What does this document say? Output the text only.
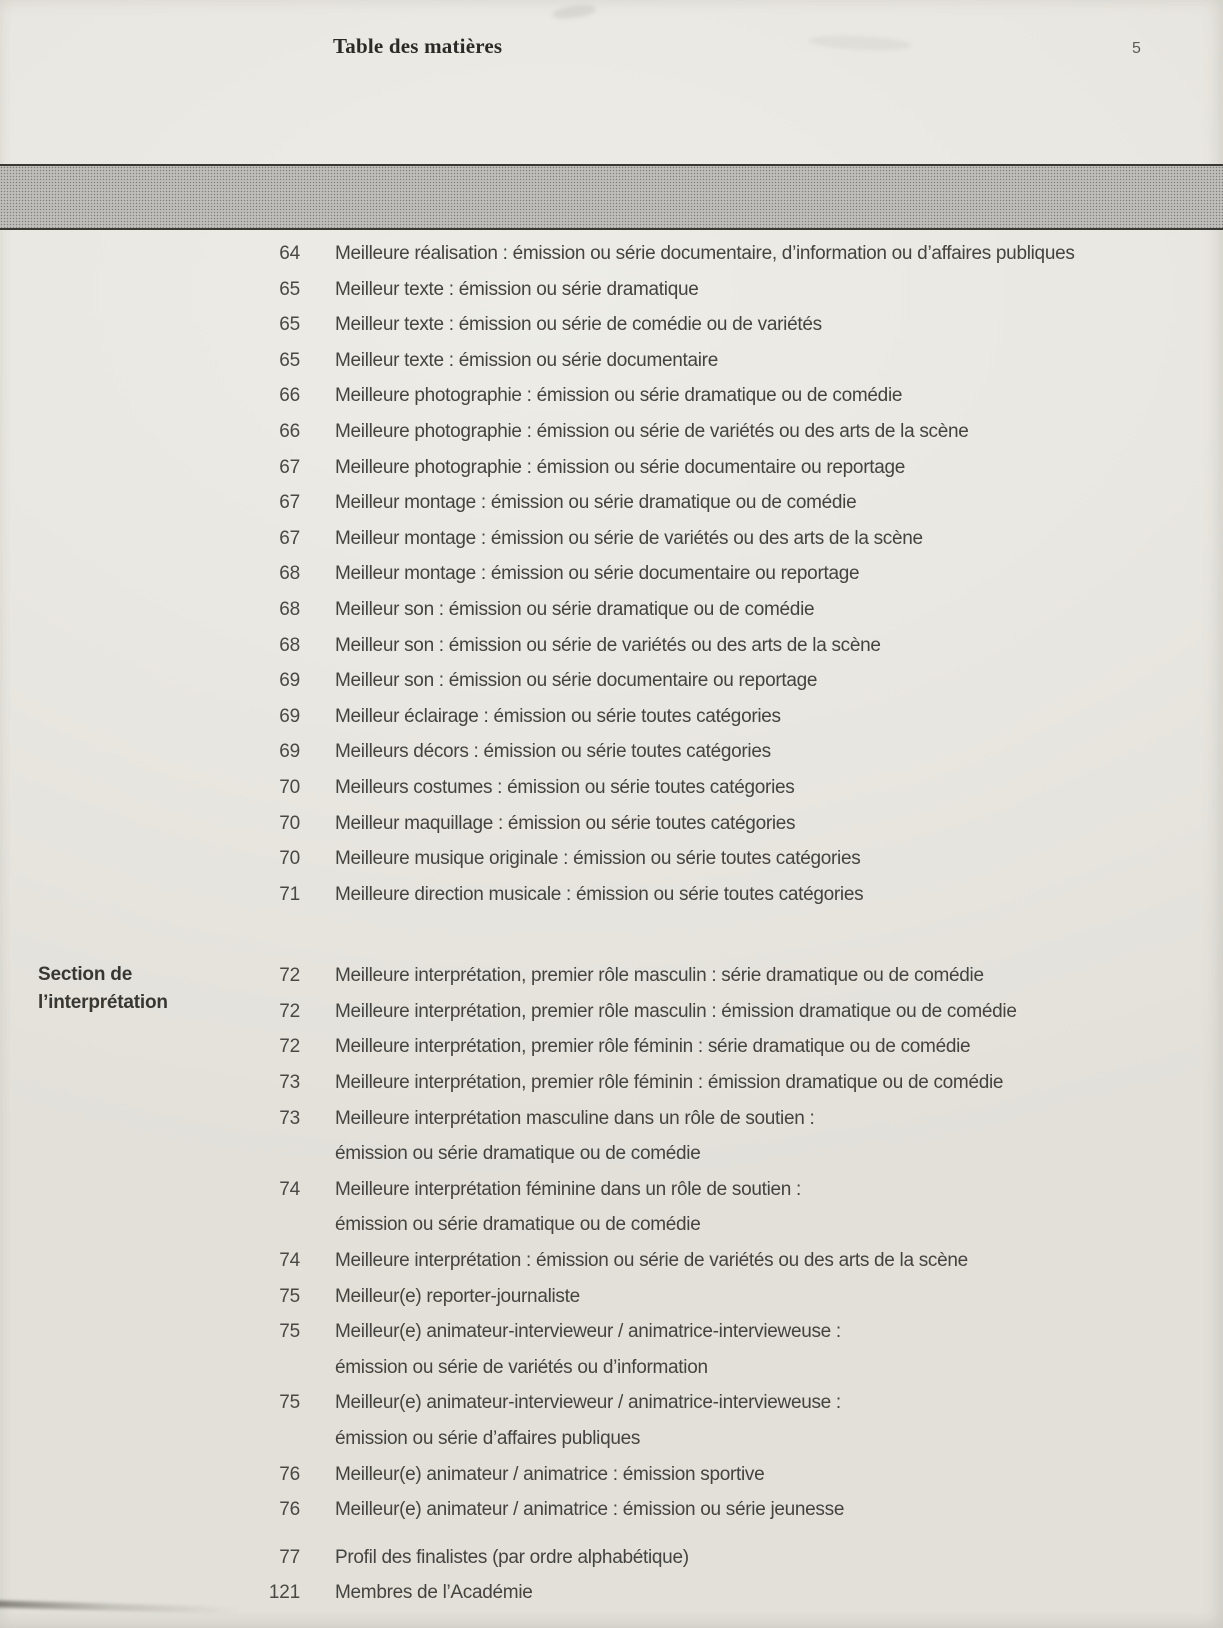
Table des matières	5
Section de
l’interprétation
64 Meilleure réalisation : émission ou série documentaire, d’information ou d’affaires publiques
65 Meilleur texte : émission ou série dramatique
65 Meilleur texte : émission ou série de comédie ou de variétés
65 Meilleur texte : émission ou série documentaire
66 Meilleure photographie : émission ou série dramatique ou de comédie
66 Meilleure photographie : émission ou série de variétés ou des arts de la scène
67 Meilleure photographie : émission ou série documentaire ou reportage
67 Meilleur montage : émission ou série dramatique ou de comédie
67 Meilleur montage : émission ou série de variétés ou des arts de la scène
68 Meilleur montage : émission ou série documentaire ou reportage
68 Meilleur son : émission ou série dramatique ou de comédie
68 Meilleur son : émission ou série de variétés ou des arts de la scène
69 Meilleur son : émission ou série documentaire ou reportage
69 Meilleur éclairage : émission ou série toutes catégories
69 Meilleurs décors : émission ou série toutes catégories
70 Meilleurs costumes : émission ou série toutes catégories
70 Meilleur maquillage : émission ou série toutes catégories
70 Meilleure musique originale : émission ou série toutes catégories
71 Meilleure direction musicale : émission ou série toutes catégories
72 Meilleure interprétation, premier rôle masculin : série dramatique ou de comédie
72 Meilleure interprétation, premier rôle masculin : émission dramatique ou de comédie
72 Meilleure interprétation, premier rôle féminin : série dramatique ou de comédie
73 Meilleure interprétation, premier rôle féminin : émission dramatique ou de comédie
73 Meilleure interprétation masculine dans un rôle de soutien :
émission ou série dramatique ou de comédie
74 Meilleure interprétation féminine dans un rôle de soutien :
émission ou série dramatique ou de comédie
74 Meilleure interprétation : émission ou série de variétés ou des arts de la scène
75 Meilleur(e) reporter-journaliste
75 Meilleur(e) animateur-intervieweur / animatrice-intervieweuse :
émission ou série de variétés ou d’information
75 Meilleur(e) animateur-intervieweur / animatrice-intervieweuse :
émission ou série d’affaires publiques
76 Meilleur(e) animateur / animatrice : émission sportive
76 Meilleur(e) animateur / animatrice : émission ou série jeunesse
77 Profil des finalistes (par ordre alphabétique)
121 Membres de l’Académie
